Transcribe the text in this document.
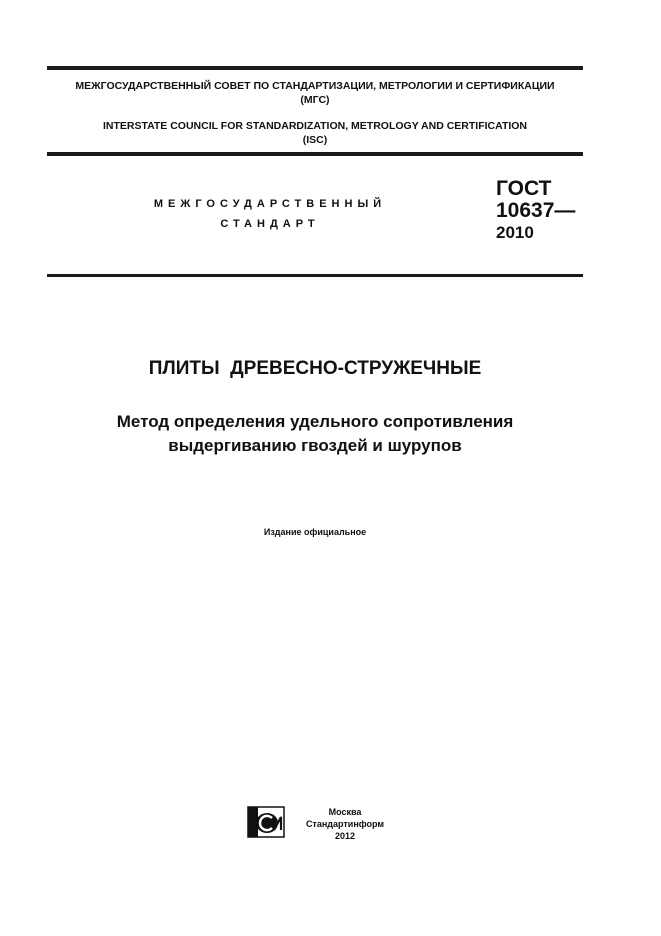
МЕЖГОСУДАРСТВЕННЫЙ СОВЕТ ПО СТАНДАРТИЗАЦИИ, МЕТРОЛОГИИ И СЕРТИФИКАЦИИ
(МГС)
INTERSTATE COUNCIL FOR STANDARDIZATION, METROLOGY AND CERTIFICATION
(ISC)
МЕЖГОСУДАРСТВЕННЫЙ
СТАНДАРТ
ГОСТ
10637—
2010
ПЛИТЫ  ДРЕВЕСНО-СТРУЖЕЧНЫЕ
Метод определения удельного сопротивления
выдергиванию гвоздей и шурупов
Издание официальное
Москва
Стандартинформ
2012
